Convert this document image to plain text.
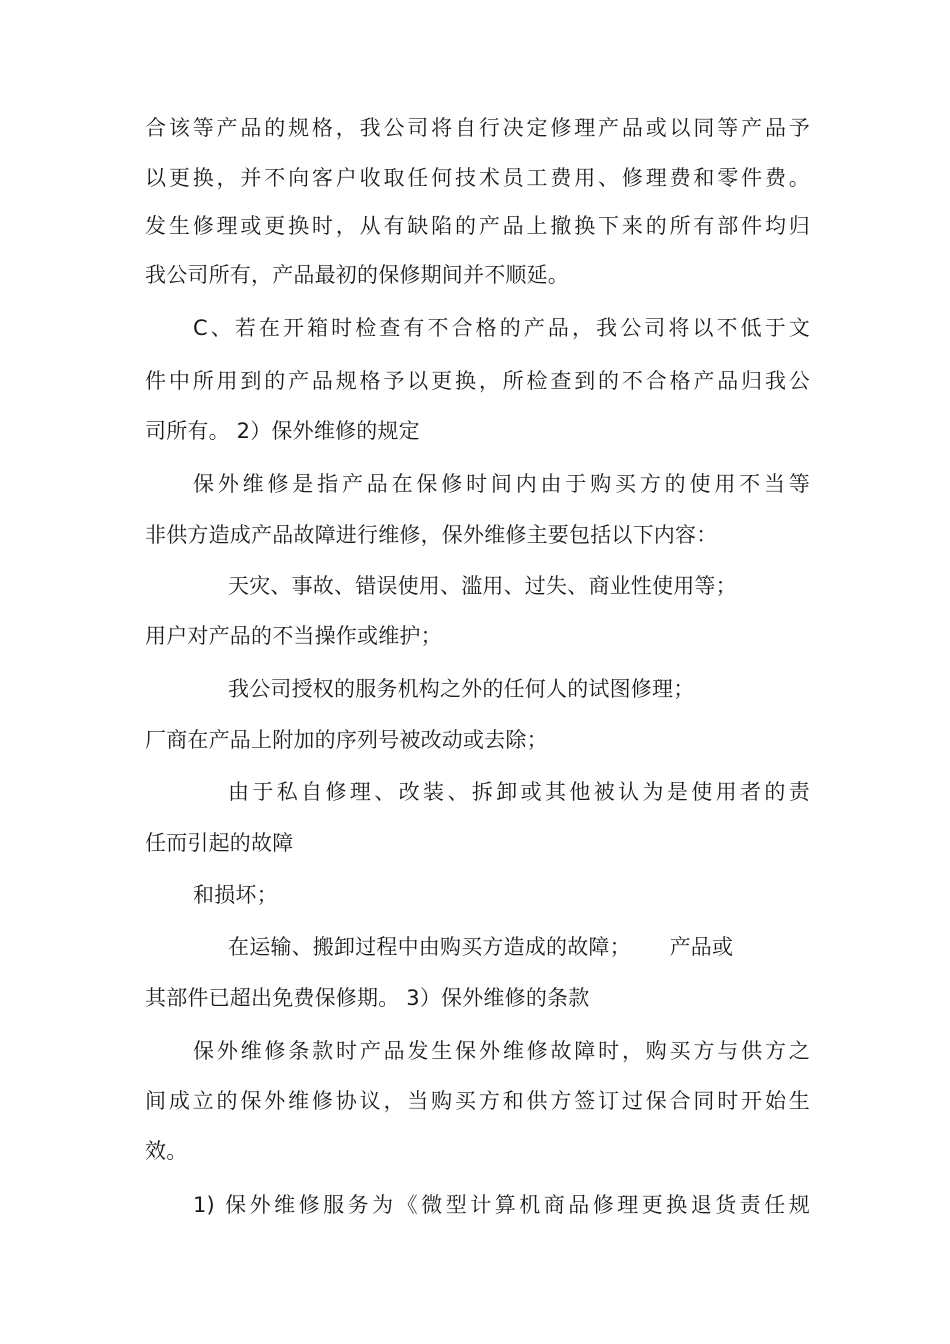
合该等产品的规格，我公司将自行决定修理产品或以同等产品予
以更换，并不向客户收取任何技术员工费用、修理费和零件费。
发生修理或更换时，从有缺陷的产品上撤换下来的所有部件均归
我公司所有，产品最初的保修期间并不顺延。
C、若在开箱时检查有不合格的产品，我公司将以不低于文
件中所用到的产品规格予以更换，所检查到的不合格产品归我公
司所有。 2）保外维修的规定
保外维修是指产品在保修时间内由于购买方的使用不当等
非供方造成产品故障进行维修，保外维修主要包括以下内容：
天灾、事故、错误使用、滥用、过失、商业性使用等；
用户对产品的不当操作或维护；
我公司授权的服务机构之外的任何人的试图修理；
厂商在产品上附加的序列号被改动或去除；
由于私自修理、改装、拆卸或其他被认为是使用者的责
任而引起的故障
和损坏；
在运输、搬卸过程中由购买方造成的故障；　　 产品或
其部件已超出免费保修期。 3）保外维修的条款
保外维修条款时产品发生保外维修故障时，购买方与供方之
间成立的保外维修协议，当购买方和供方签订过保合同时开始生
效。
1) 保外维修服务为《微型计算机商品修理更换退货责任规
